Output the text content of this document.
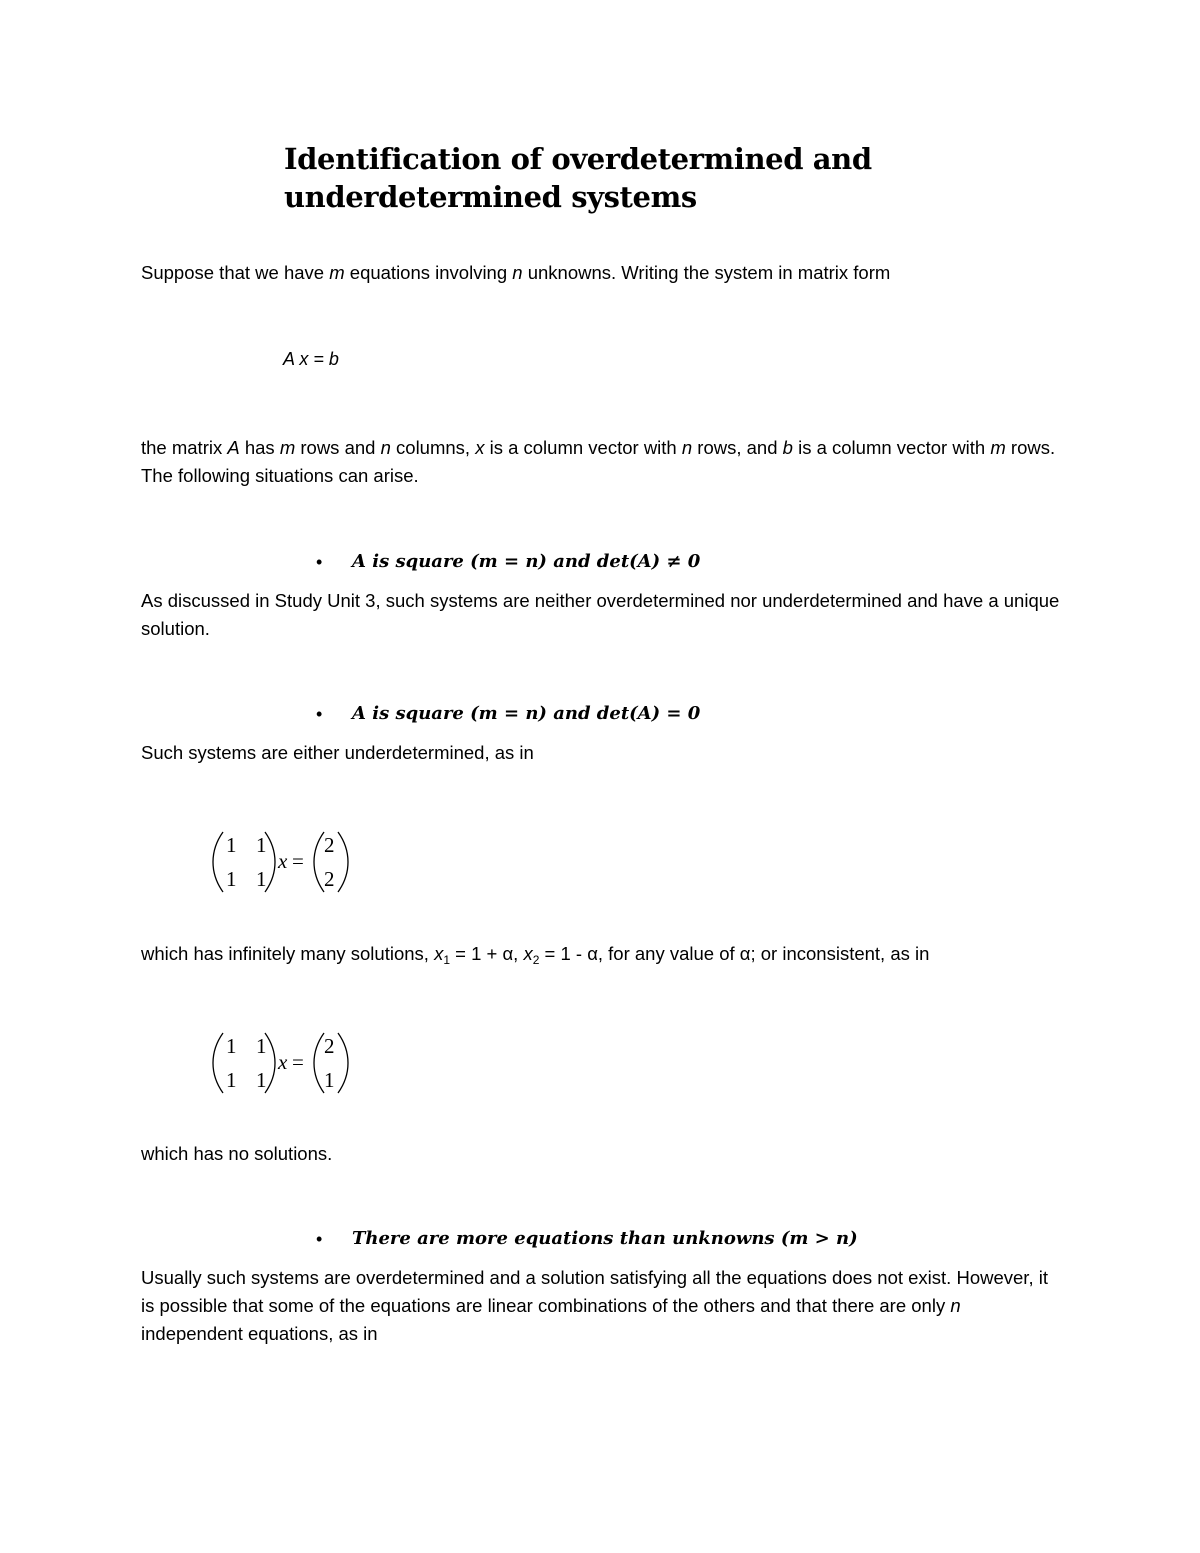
Identification of overdetermined and
underdetermined systems
Suppose that we have m equations involving n unknowns. Writing the system in matrix form
A x = b
the matrix A has m rows and n columns, x is a column vector with n rows, and b is a column vector with m rows. The following situations can arise.
• A is square (m = n) and det(A) ≠ 0
As discussed in Study Unit 3, such systems are neither overdetermined nor underdetermined and have a unique solution.
• A is square (m = n) and det(A) = 0
Such systems are either underdetermined, as in
1 1
1 1
x =
2
2
which has infinitely many solutions, $x_1 = 1 + \alpha$, $x_2 = 1 - \alpha$, for any value of α; or inconsistent, as in
1 1
1 1
x =
2
1
which has no solutions.
• There are more equations than unknowns (m > n)
Usually such systems are overdetermined and a solution satisfying all the equations does not exist. However, it is possible that some of the equations are linear combinations of the others and that there are only n independent equations, as in
